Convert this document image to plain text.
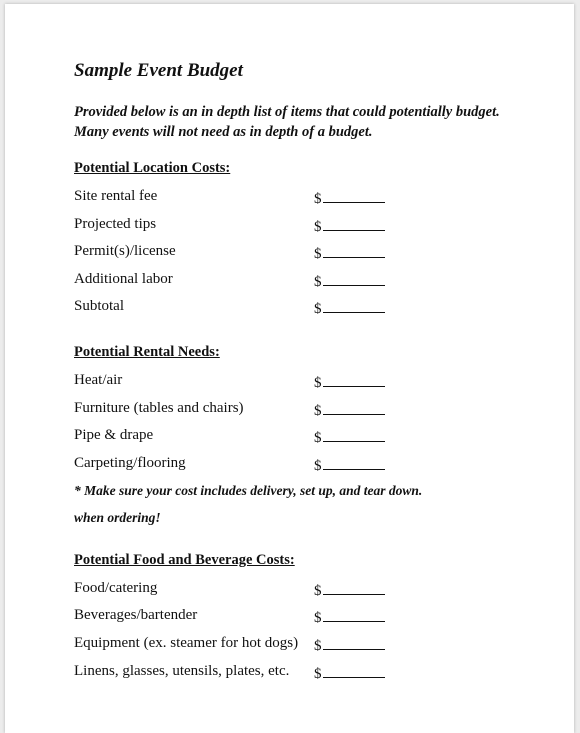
Sample Event Budget
Provided below is an in depth list of items that could potentially budget. Many events will not need as in depth of a budget.
Potential Location Costs:
Site rental fee	$
Projected tips	$
Permit(s)/license	$
Additional labor	$
Subtotal	$
Potential Rental Needs:
Heat/air	$
Furniture (tables and chairs)	$
Pipe & drape	$
Carpeting/flooring	$
* Make sure your cost includes delivery, set up, and tear down.
when ordering!
Potential Food and Beverage Costs:
Food/catering	$
Beverages/bartender	$
Equipment (ex. steamer for hot dogs) $
Linens, glasses, utensils, plates, etc. $
